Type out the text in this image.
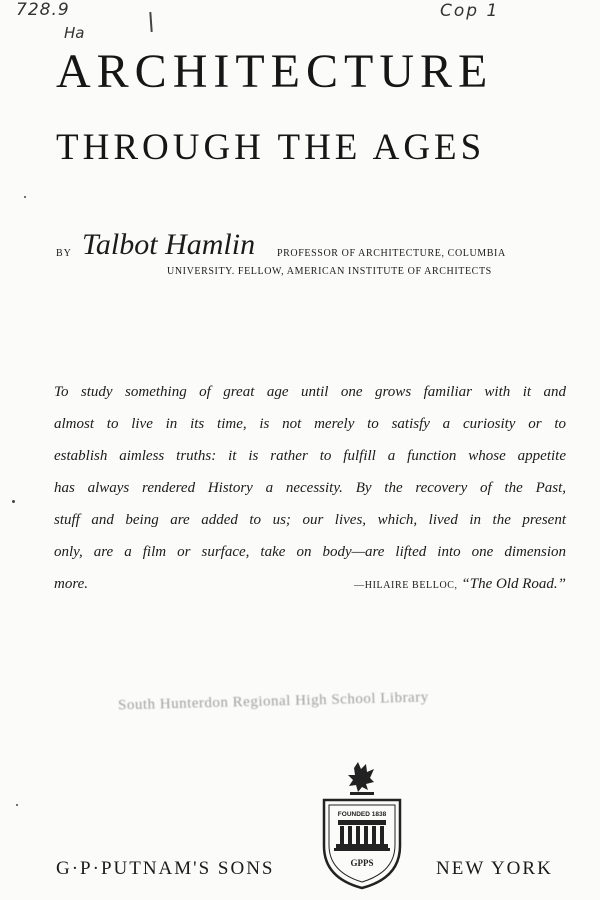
728.9
Ha
Cop 1
ARCHITECTURE
THROUGH THE AGES
BY Talbot Hamlin PROFESSOR OF ARCHITECTURE, COLUMBIA
UNIVERSITY. FELLOW, AMERICAN INSTITUTE OF ARCHITECTS
To study something of great age until one grows familiar with it and
almost to live in its time, is not merely to satisfy a curiosity or to
establish aimless truths: it is rather to fulfill a function whose appetite
has always rendered History a necessity. By the recovery of the Past,
stuff and being are added to us; our lives, which, lived in the present
only, are a film or surface, take on body—are lifted into one dimension
more.	—HILAIRE BELLOC, “The Old Road.”
South Hunterdon Regional High School Library
FOUNDED 1838
GPPS
G·P·PUTNAM'S SONS	NEW YORK
